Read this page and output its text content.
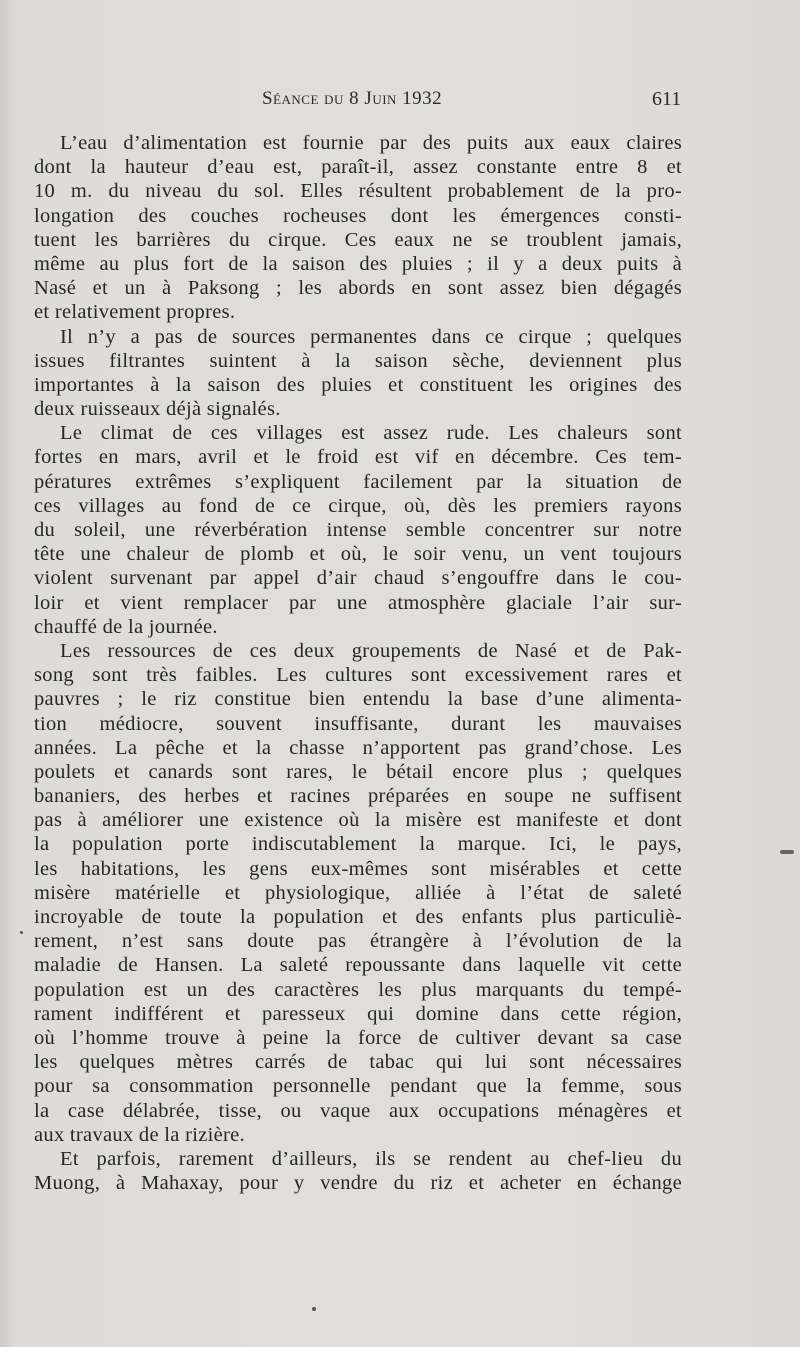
Séance du 8 Juin 1932	611
L’eau d’alimentation est fournie par des puits aux eaux claires
dont la hauteur d’eau est, paraît-il, assez constante entre 8 et
10 m. du niveau du sol. Elles résultent probablement de la pro-
longation des couches rocheuses dont les émergences consti-
tuent les barrières du cirque. Ces eaux ne se troublent jamais,
même au plus fort de la saison des pluies ; il y a deux puits à
Nasé et un à Paksong ; les abords en sont assez bien dégagés
et relativement propres.
Il n’y a pas de sources permanentes dans ce cirque ; quelques
issues filtrantes suintent à la saison sèche, deviennent plus
importantes à la saison des pluies et constituent les origines des
deux ruisseaux déjà signalés.
Le climat de ces villages est assez rude. Les chaleurs sont
fortes en mars, avril et le froid est vif en décembre. Ces tem-
pératures extrêmes s’expliquent facilement par la situation de
ces villages au fond de ce cirque, où, dès les premiers rayons
du soleil, une réverbération intense semble concentrer sur notre
tête une chaleur de plomb et où, le soir venu, un vent toujours
violent survenant par appel d’air chaud s’engouffre dans le cou-
loir et vient remplacer par une atmosphère glaciale l’air sur-
chauffé de la journée.
Les ressources de ces deux groupements de Nasé et de Pak-
song sont très faibles. Les cultures sont excessivement rares et
pauvres ; le riz constitue bien entendu la base d’une alimenta-
tion médiocre, souvent insuffisante, durant les mauvaises
années. La pêche et la chasse n’apportent pas grand’chose. Les
poulets et canards sont rares, le bétail encore plus ; quelques
bananiers, des herbes et racines préparées en soupe ne suffisent
pas à améliorer une existence où la misère est manifeste et dont
la population porte indiscutablement la marque. Ici, le pays,
les habitations, les gens eux-mêmes sont misérables et cette
misère matérielle et physiologique, alliée à l’état de saleté
incroyable de toute la population et des enfants plus particuliè-
rement, n’est sans doute pas étrangère à l’évolution de la
maladie de Hansen. La saleté repoussante dans laquelle vit cette
population est un des caractères les plus marquants du tempé-
rament indifférent et paresseux qui domine dans cette région,
où l’homme trouve à peine la force de cultiver devant sa case
les quelques mètres carrés de tabac qui lui sont nécessaires
pour sa consommation personnelle pendant que la femme, sous
la case délabrée, tisse, ou vaque aux occupations ménagères et
aux travaux de la rizière.
Et parfois, rarement d’ailleurs, ils se rendent au chef-lieu du
Muong, à Mahaxay, pour y vendre du riz et acheter en échange
